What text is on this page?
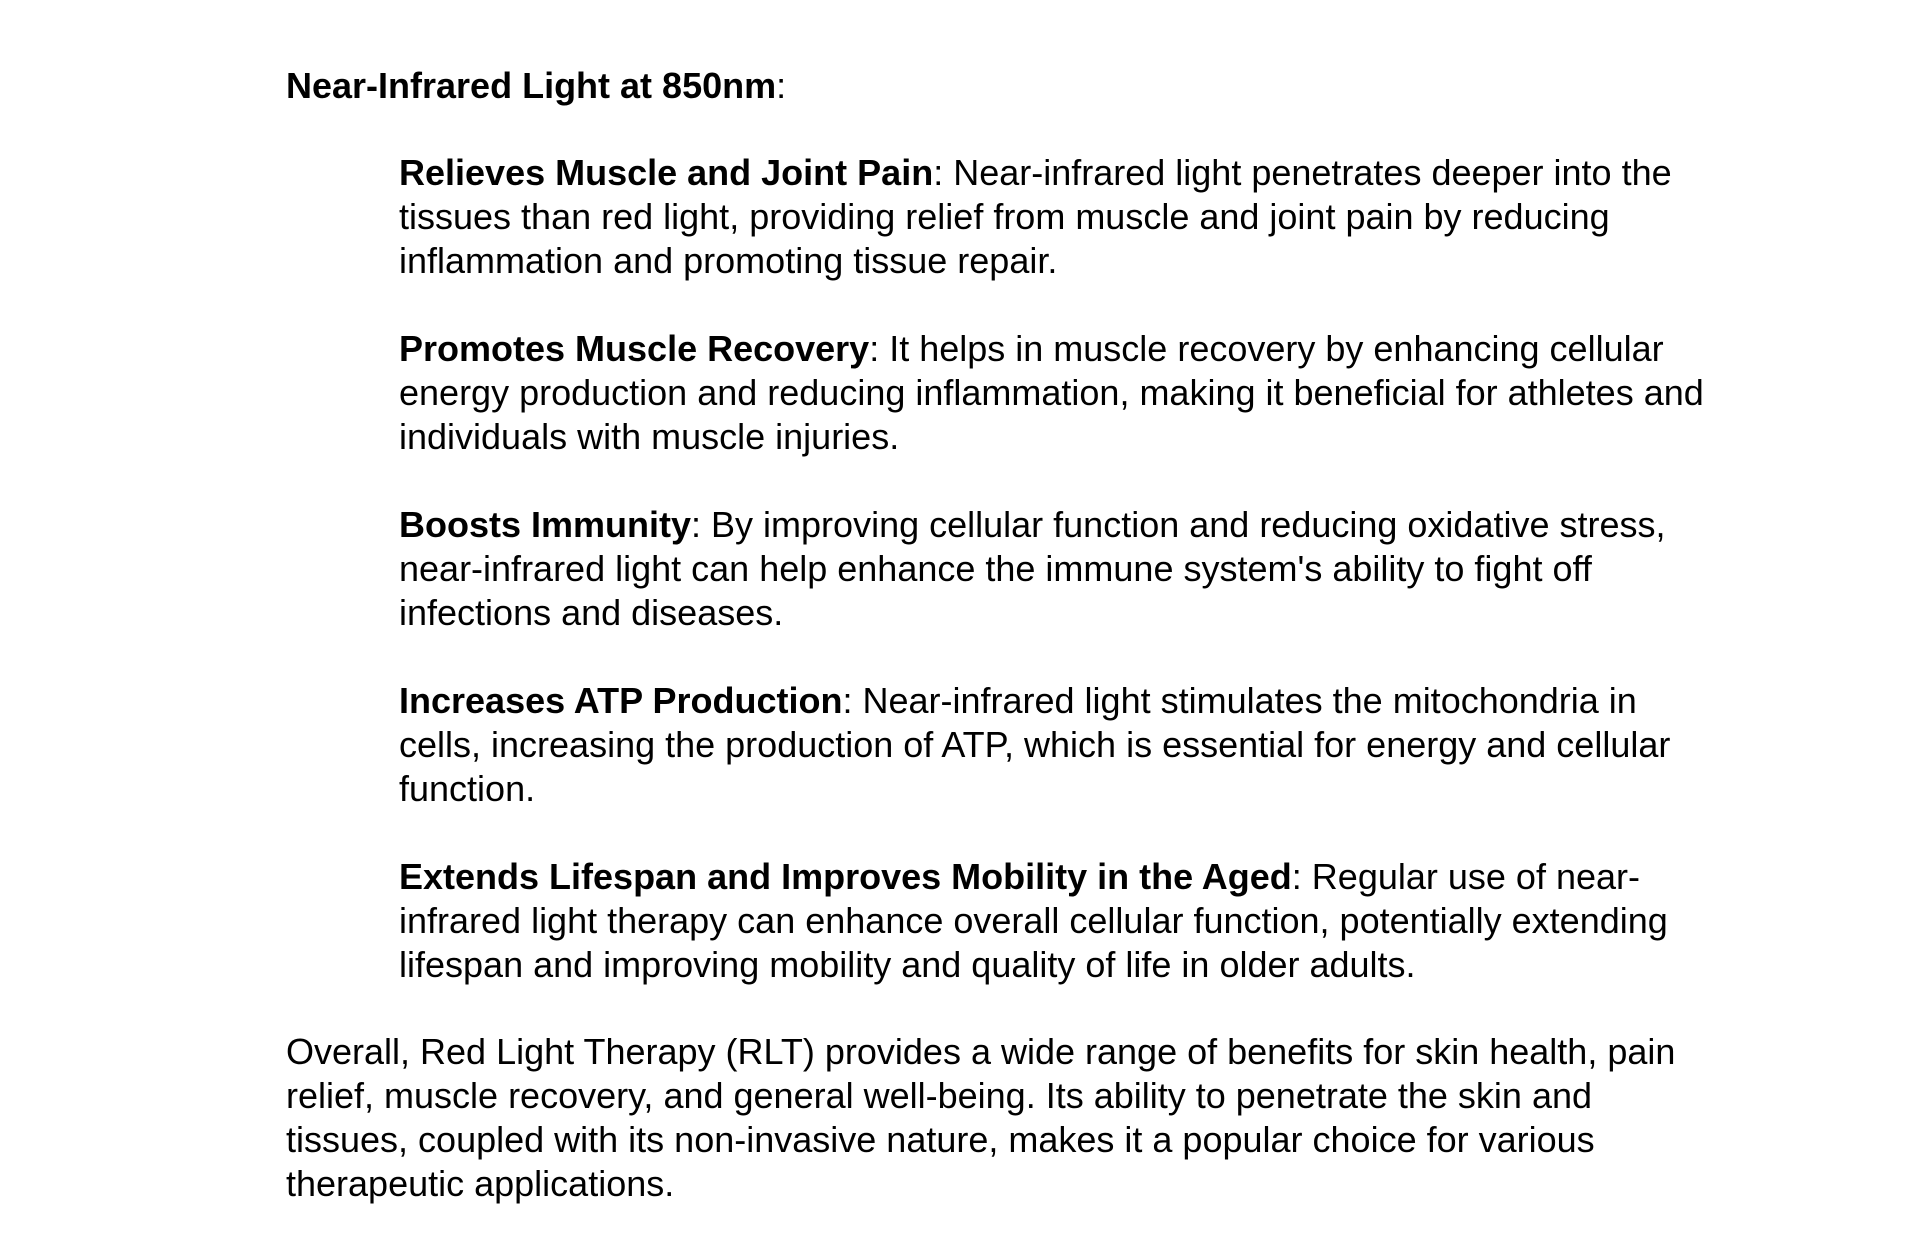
Near-Infrared Light at 850nm:

Relieves Muscle and Joint Pain: Near-infrared light penetrates deeper into the tissues than red light, providing relief from muscle and joint pain by reducing inflammation and promoting tissue repair.
Promotes Muscle Recovery: It helps in muscle recovery by enhancing cellular energy production and reducing inflammation, making it beneficial for athletes and individuals with muscle injuries.
Boosts Immunity: By improving cellular function and reducing oxidative stress, near-infrared light can help enhance the immune system's ability to fight off infections and diseases.
Increases ATP Production: Near-infrared light stimulates the mitochondria in cells, increasing the production of ATP, which is essential for energy and cellular function.
Extends Lifespan and Improves Mobility in the Aged: Regular use of near-infrared light therapy can enhance overall cellular function, potentially extending lifespan and improving mobility and quality of life in older adults.

Overall, Red Light Therapy (RLT) provides a wide range of benefits for skin health, pain relief, muscle recovery, and general well-being. Its ability to penetrate the skin and tissues, coupled with its non-invasive nature, makes it a popular choice for various therapeutic applications.
